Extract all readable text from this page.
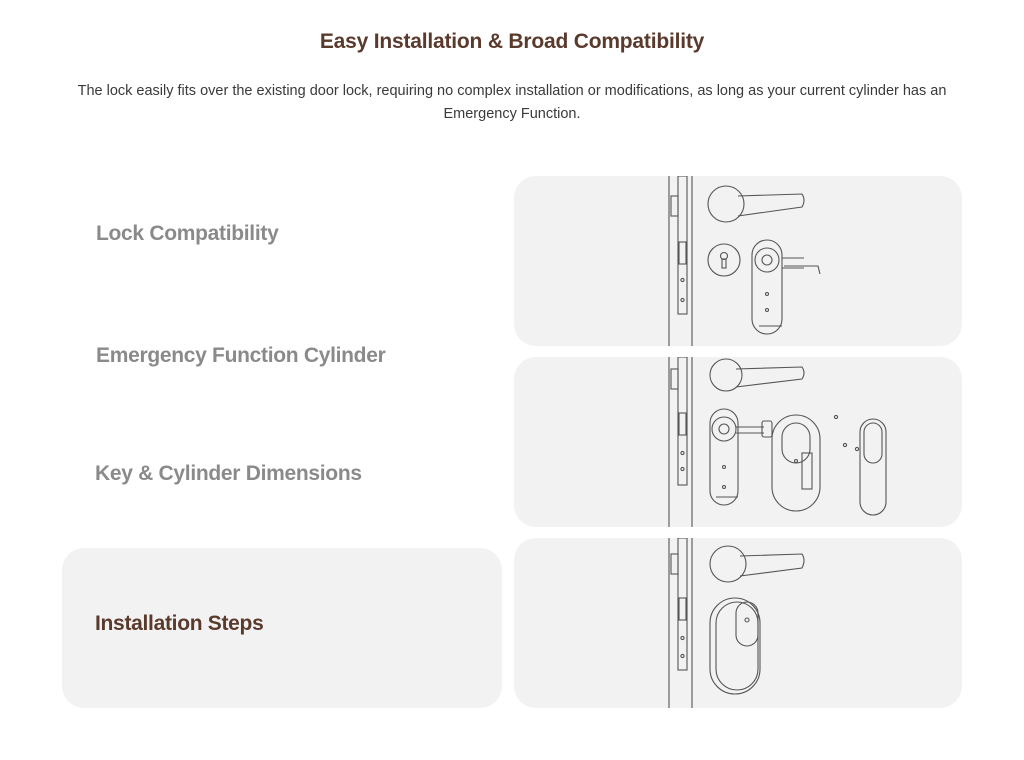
Easy Installation & Broad Compatibility
The lock easily fits over the existing door lock, requiring no complex installation or modifications, as long as your current cylinder has an Emergency Function.
Lock Compatibility
Emergency Function Cylinder
Key & Cylinder Dimensions
Installation Steps
